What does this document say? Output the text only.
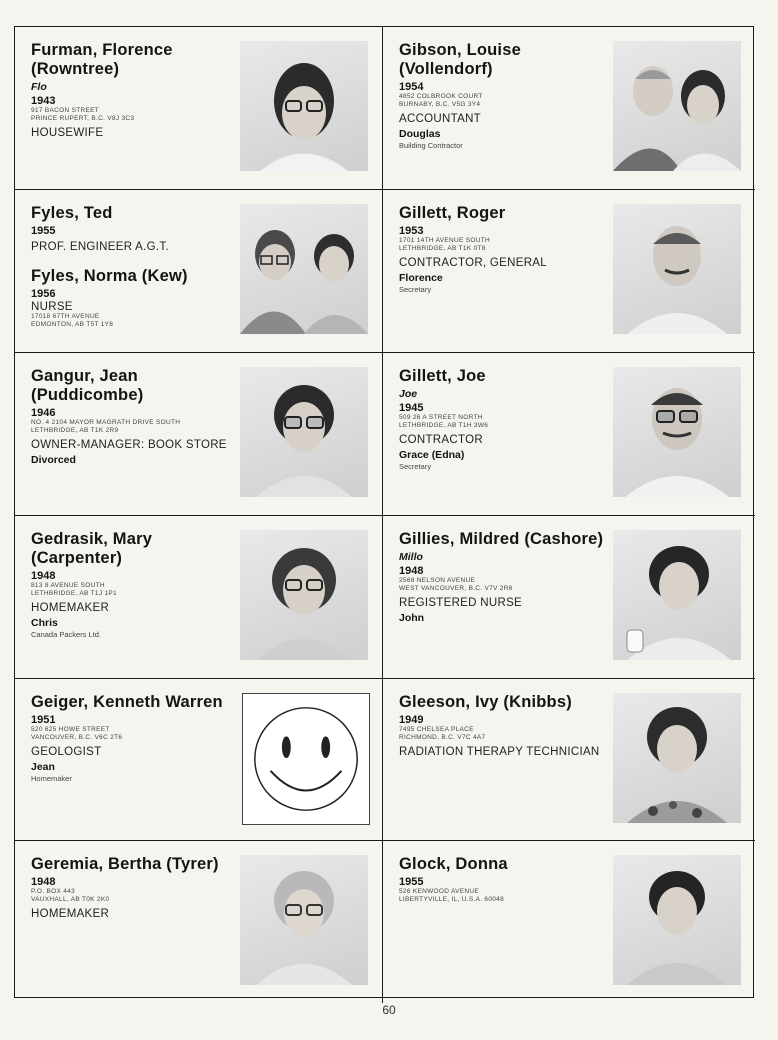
Furman, Florence (Rowntree)
Flo
1943
917 BACON STREET
PRINCE RUPERT, B.C. V8J 3C3
HOUSEWIFE
Gibson, Louise (Vollendorf)
1954
4852 COLBROOK COURT
BURNABY, B.C. V5G 3Y4
ACCOUNTANT
Douglas
Building Contractor
Fyles, Ted
1955
PROF. ENGINEER A.G.T.
Fyles, Norma (Kew)
1956
NURSE
17018 67TH AVENUE
EDMONTON, AB T5T 1Y8
Gillett, Roger
1953
1701 14TH AVENUE SOUTH
LETHBRIDGE, AB T1K 0T8
CONTRACTOR, GENERAL
Florence
Secretary
Gangur, Jean (Puddicombe)
1946
NO. 4 2104 MAYOR MAGRATH DRIVE SOUTH
LETHBRIDGE, AB T1K 2R9
OWNER-MANAGER: BOOK STORE
Divorced
Gillett, Joe
Joe
1945
509 26 A STREET NORTH
LETHBRIDGE, AB T1H 3W6
CONTRACTOR
Grace (Edna)
Secretary
Gedrasik, Mary (Carpenter)
1948
813 8 AVENUE SOUTH
LETHBRIDGE, AB T1J 1P1
HOMEMAKER
Chris
Canada Packers Ltd.
Gillies, Mildred (Cashore)
Millo
1948
2568 NELSON AVENUE
WEST VANCOUVER, B.C. V7V 2R6
REGISTERED NURSE
John
Geiger, Kenneth Warren
1951
520 625 HOWE STREET
VANCOUVER, B.C. V6C 2T6
GEOLOGIST
Jean
Homemaker
Gleeson, Ivy (Knibbs)
1949
7495 CHELSEA PLACE
RICHMOND, B.C. V7C 4A7
RADIATION THERAPY TECHNICIAN
Geremia, Bertha (Tyrer)
1948
P.O. BOX 443
VAUXHALL, AB T0K 2K0
HOMEMAKER
Glock, Donna
1955
526 KENWOOD AVENUE
LIBERTYVILLE, IL, U.S.A. 60048
60
